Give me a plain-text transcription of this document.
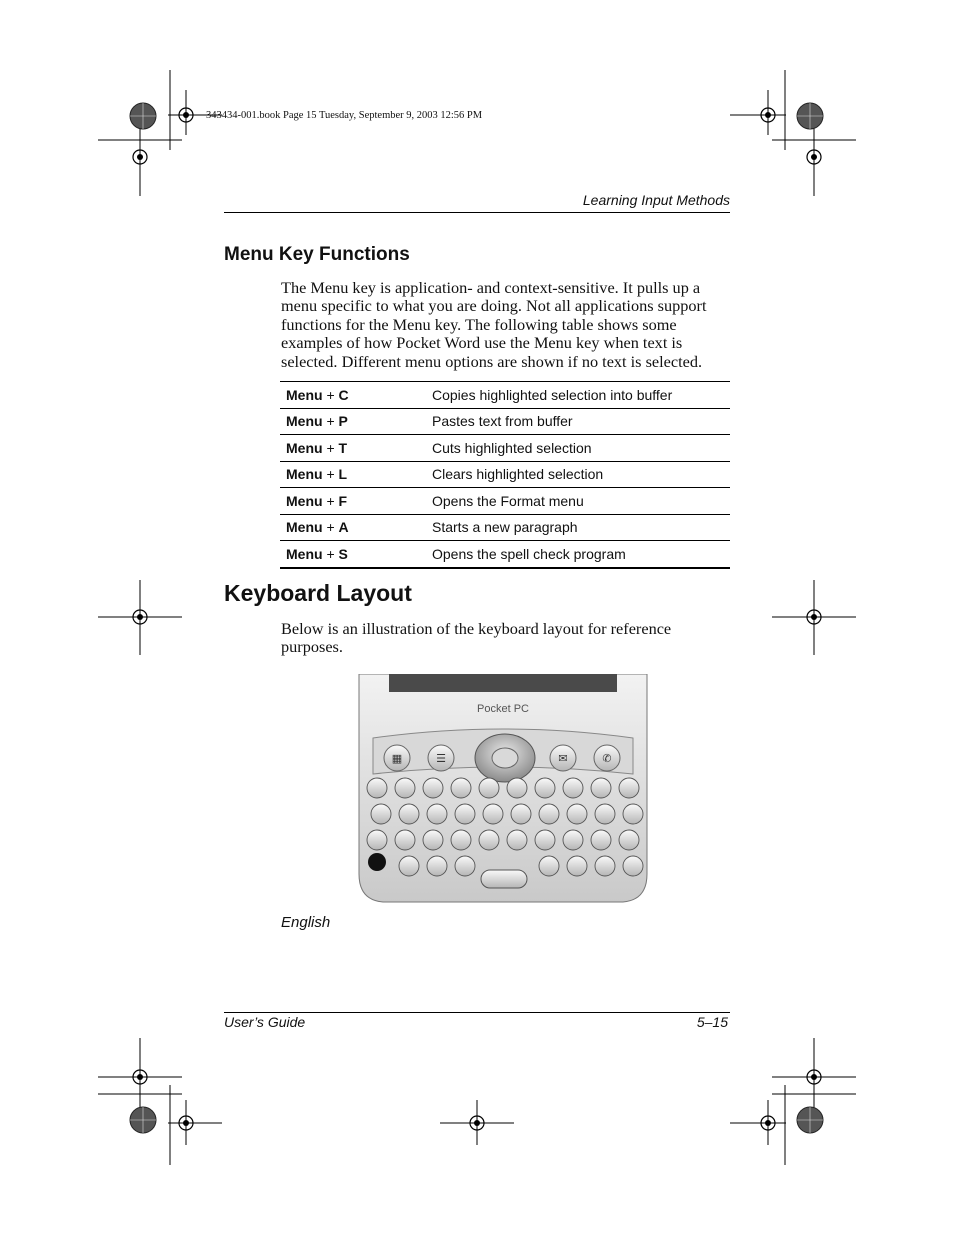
343434-001.book Page 15 Tuesday, September 9, 2003 12:56 PM
Learning Input Methods
Menu Key Functions

The Menu key is application- and context-sensitive. It pulls up a menu specific to what you are doing. Not all applications support functions for the Menu key. The following table shows some examples of how Pocket Word use the Menu key when text is selected. Different menu options are shown if no text is selected.

Menu + C	Copies highlighted selection into buffer
Menu + P	Pastes text from buffer
Menu + T	Cuts highlighted selection
Menu + L	Clears highlighted selection
Menu + F	Opens the Format menu
Menu + A	Starts a new paragraph
Menu + S	Opens the spell check program
Keyboard Layout

Below is an illustration of the keyboard layout for reference purposes.

Pocket PC
▦	☰	✉	✆
English
User’s Guide	5–15
